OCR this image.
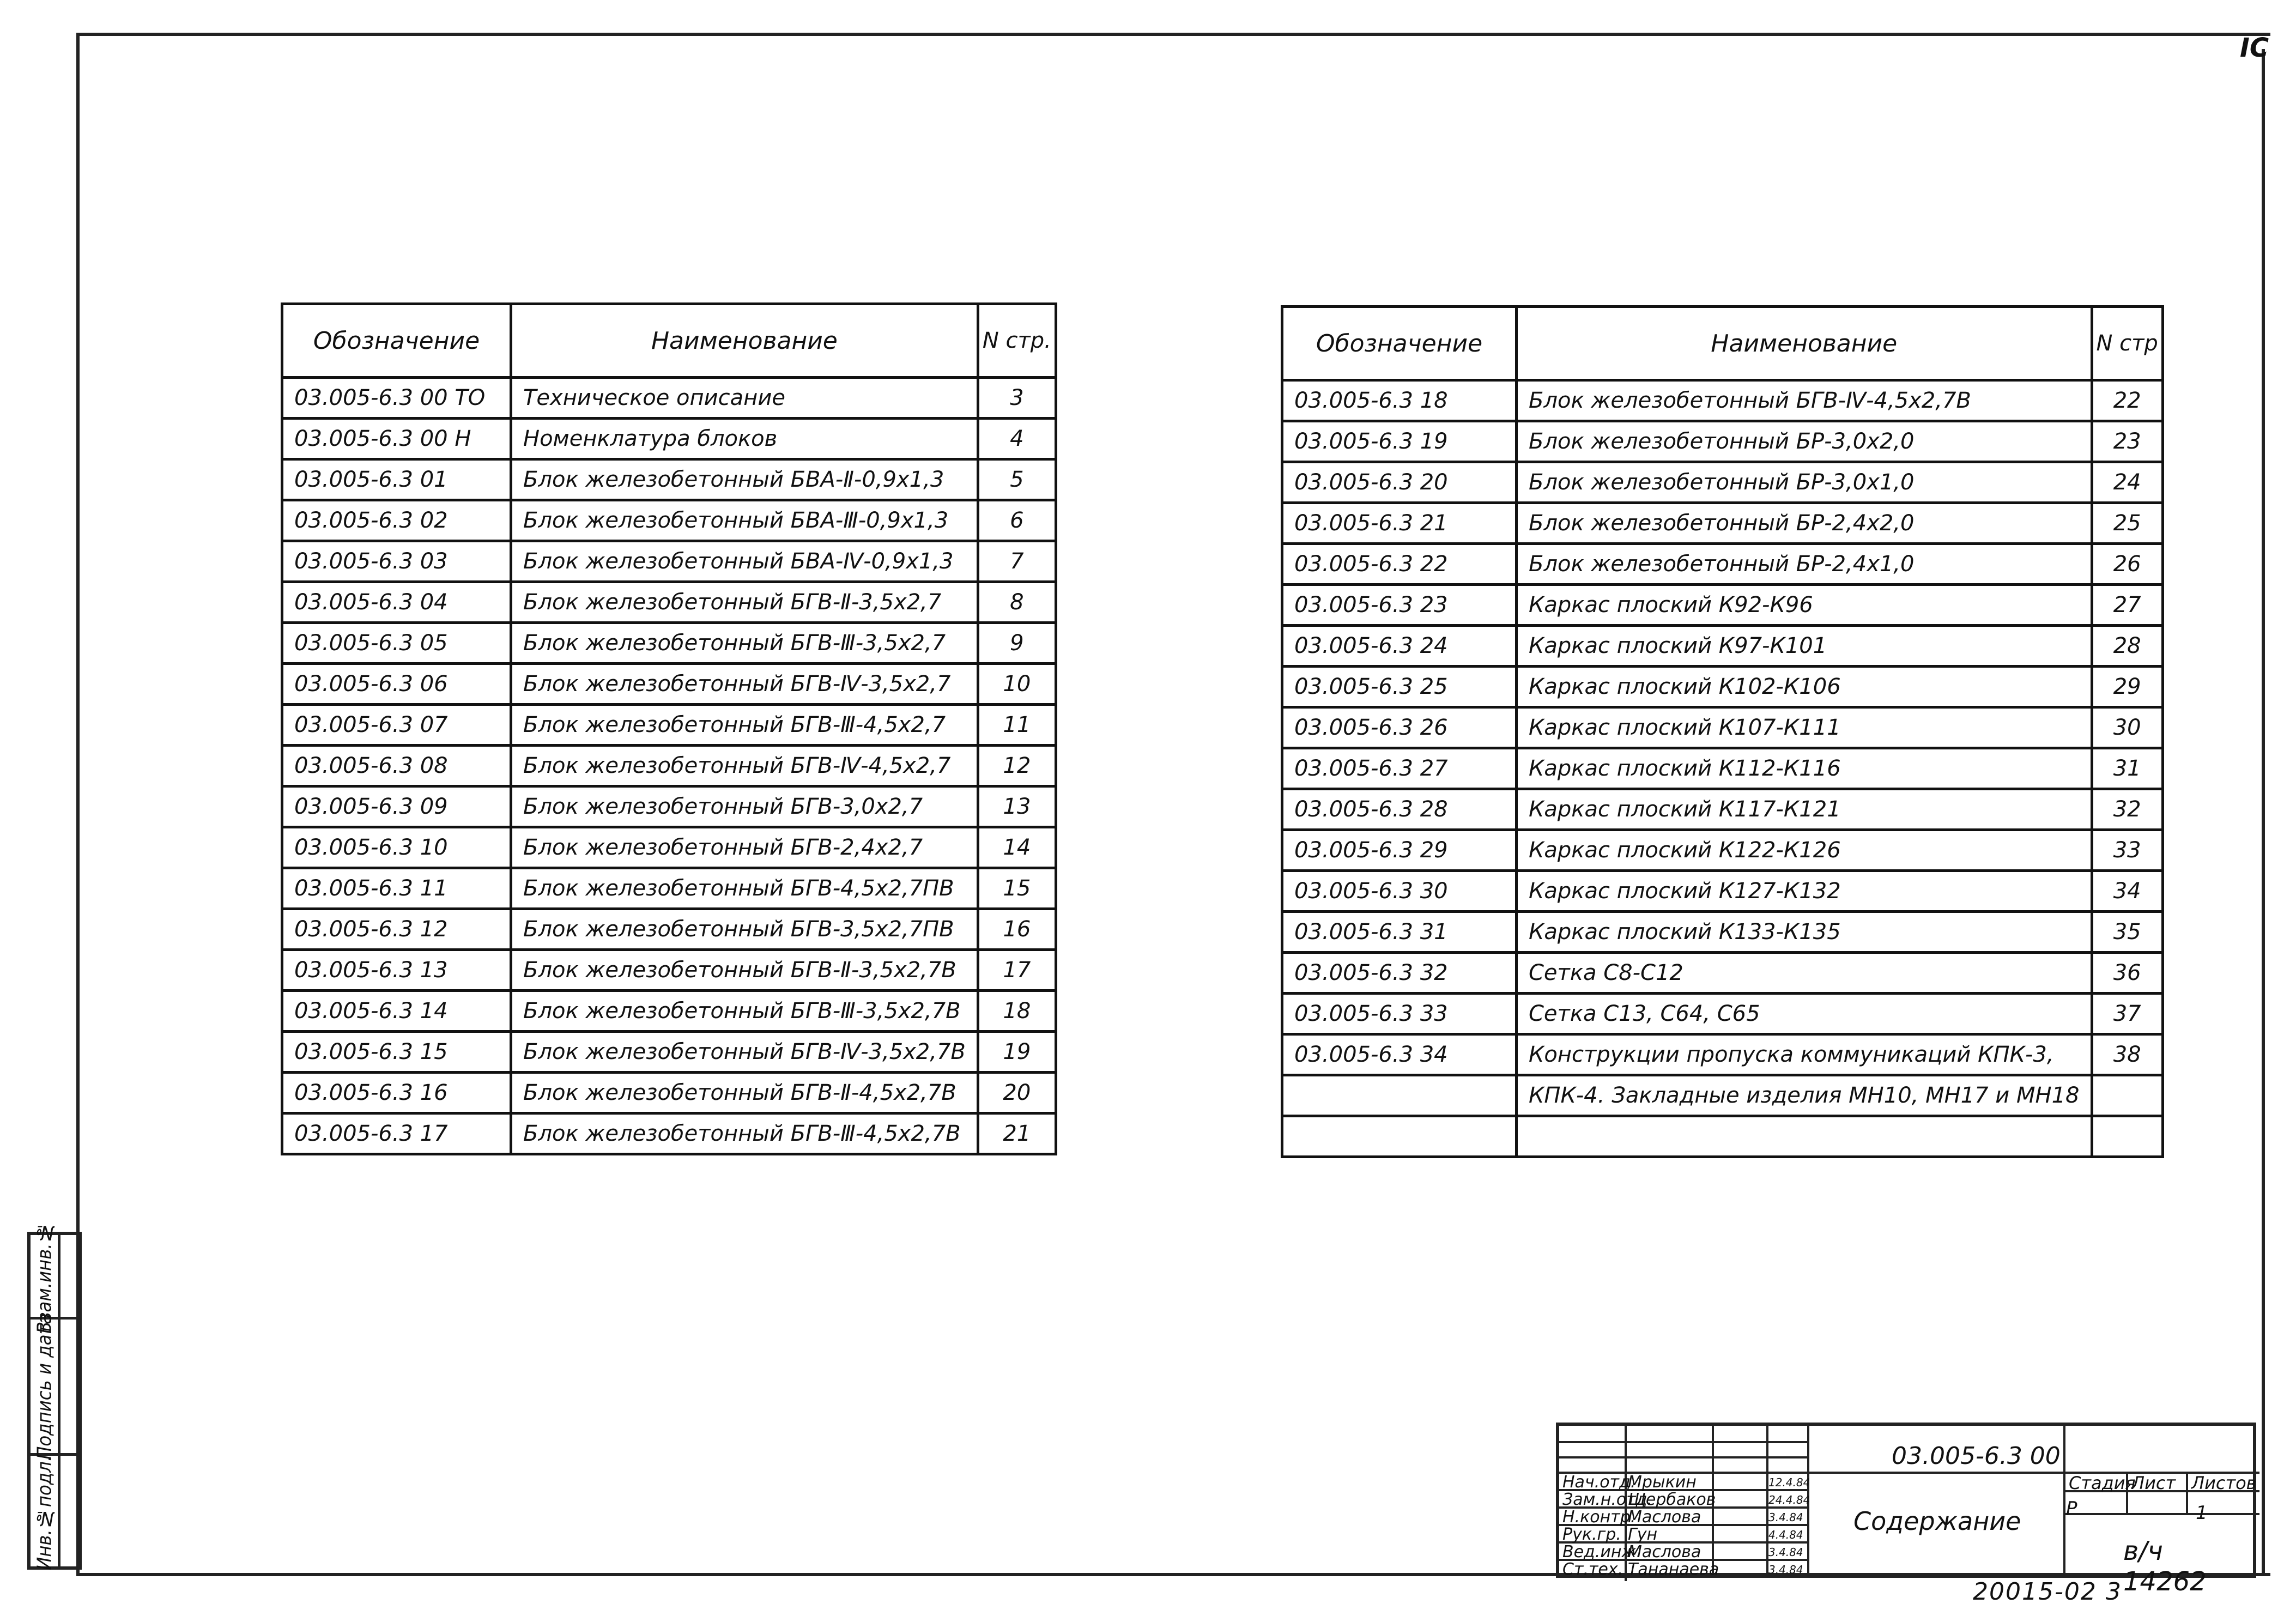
ⅠC
Инв.№подл.
Подпись и дата
Взам.инв.№
Обозначение	Наименование	N стр.
03.005-6.3 00 ТО	Техническое описание	3
03.005-6.3 00 Н	Номенклатура блоков	4
03.005-6.3 01	Блок железобетонный БВА-Ⅱ-0,9x1,3	5
03.005-6.3 02	Блок железобетонный БВА-Ⅲ-0,9x1,3	6
03.005-6.3 03	Блок железобетонный БВА-Ⅳ-0,9x1,3	7
03.005-6.3 04	Блок железобетонный БГВ-Ⅱ-3,5x2,7	8
03.005-6.3 05	Блок железобетонный БГВ-Ⅲ-3,5x2,7	9
03.005-6.3 06	Блок железобетонный БГВ-Ⅳ-3,5x2,7	10
03.005-6.3 07	Блок железобетонный БГВ-Ⅲ-4,5x2,7	11
03.005-6.3 08	Блок железобетонный БГВ-Ⅳ-4,5x2,7	12
03.005-6.3 09	Блок железобетонный БГВ-3,0x2,7	13
03.005-6.3 10	Блок железобетонный БГВ-2,4x2,7	14
03.005-6.3 11	Блок железобетонный БГВ-4,5x2,7ПВ	15
03.005-6.3 12	Блок железобетонный БГВ-3,5x2,7ПВ	16
03.005-6.3 13	Блок железобетонный БГВ-Ⅱ-3,5x2,7В	17
03.005-6.3 14	Блок железобетонный БГВ-Ⅲ-3,5x2,7В	18
03.005-6.3 15	Блок железобетонный БГВ-Ⅳ-3,5x2,7В	19
03.005-6.3 16	Блок железобетонный БГВ-Ⅱ-4,5x2,7В	20
03.005-6.3 17	Блок железобетонный БГВ-Ⅲ-4,5x2,7В	21
Обозначение	Наименование	N стр
03.005-6.3 18	Блок железобетонный БГВ-Ⅳ-4,5x2,7В	22
03.005-6.3 19	Блок железобетонный БР-3,0x2,0	23
03.005-6.3 20	Блок железобетонный БР-3,0x1,0	24
03.005-6.3 21	Блок железобетонный БР-2,4x2,0	25
03.005-6.3 22	Блок железобетонный БР-2,4x1,0	26
03.005-6.3 23	Каркас плоский К92-К96	27
03.005-6.3 24	Каркас плоский К97-К101	28
03.005-6.3 25	Каркас плоский К102-К106	29
03.005-6.3 26	Каркас плоский К107-К111	30
03.005-6.3 27	Каркас плоский К112-К116	31
03.005-6.3 28	Каркас плоский К117-К121	32
03.005-6.3 29	Каркас плоский К122-К126	33
03.005-6.3 30	Каркас плоский К127-К132	34
03.005-6.3 31	Каркас плоский К133-К135	35
03.005-6.3 32	Сетка С8-С12	36
03.005-6.3 33	Сетка С13, С64, С65	37
03.005-6.3 34	Конструкции пропуска коммуникаций КПК-3,	38
	КПК-4. Закладные изделия МН10, МН17 и МН18	

03.005-6.3 00
Содержание
Стадия
Лист Листов
Р	1
в/ч 14262
Нач.отд.
Мрыкин	12.4.84
Зам.н.отд.
Щербаков	24.4.84
Н.контр.
Маслова	3.4.84
Рук.гр. Гун	4.4.84
Вед.инж.
Маслова	3.4.84
Ст.тех. Тананаева	3.4.84
20015-02 3
